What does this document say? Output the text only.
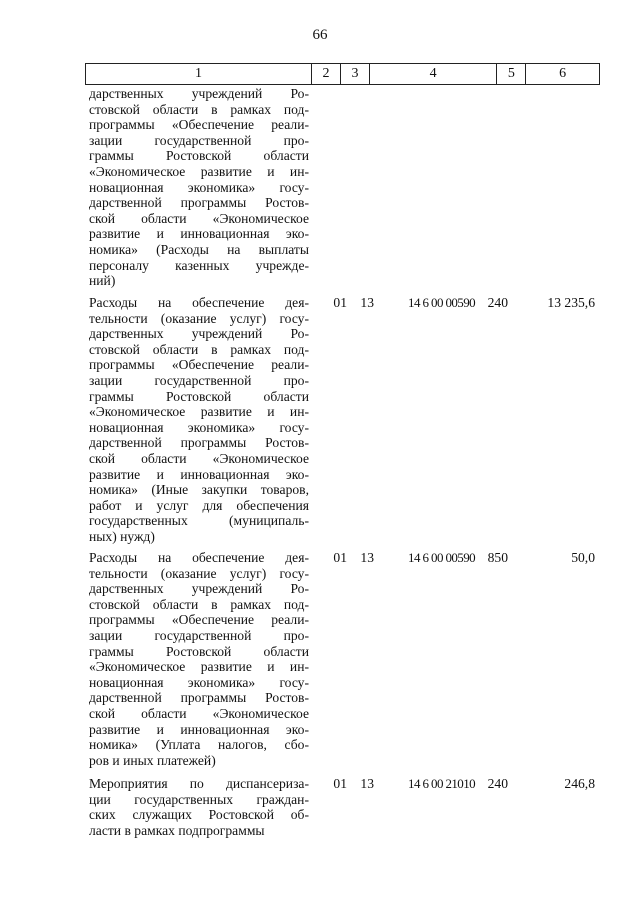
66
1	2	3	4	5	6
дарственных учреждений Ро-
стовской области в рамках под-
программы «Обеспечение реали-
зации государственной про-
граммы Ростовской области
«Экономическое развитие и ин-
новационная экономика» госу-
дарственной программы Ростов-
ской области «Экономическое
развитие и инновационная эко-
номика» (Расходы на выплаты
персоналу казенных учрежде-
ний)
Расходы на обеспечение дея-
тельности (оказание услуг) госу-
дарственных учреждений Ро-
стовской области в рамках под-
программы «Обеспечение реали-
зации государственной про-
граммы Ростовской области
«Экономическое развитие и ин-
новационная экономика» госу-
дарственной программы Ростов-
ской области «Экономическое
развитие и инновационная эко-
номика» (Иные закупки товаров,
работ и услуг для обеспечения
государственных (муниципаль-
ных) нужд)
01 13	14 6 00 00590 240	13 235,6
Расходы на обеспечение дея-
тельности (оказание услуг) госу-
дарственных учреждений Ро-
стовской области в рамках под-
программы «Обеспечение реали-
зации государственной про-
граммы Ростовской области
«Экономическое развитие и ин-
новационная экономика» госу-
дарственной программы Ростов-
ской области «Экономическое
развитие и инновационная эко-
номика» (Уплата налогов, сбо-
ров и иных платежей)
01 13	14 6 00 00590 850	50,0
Мероприятия по диспансериза-
ции государственных граждан-
ских служащих Ростовской об-
ласти в рамках подпрограммы
01 13	14 6 00 21010 240	246,8
